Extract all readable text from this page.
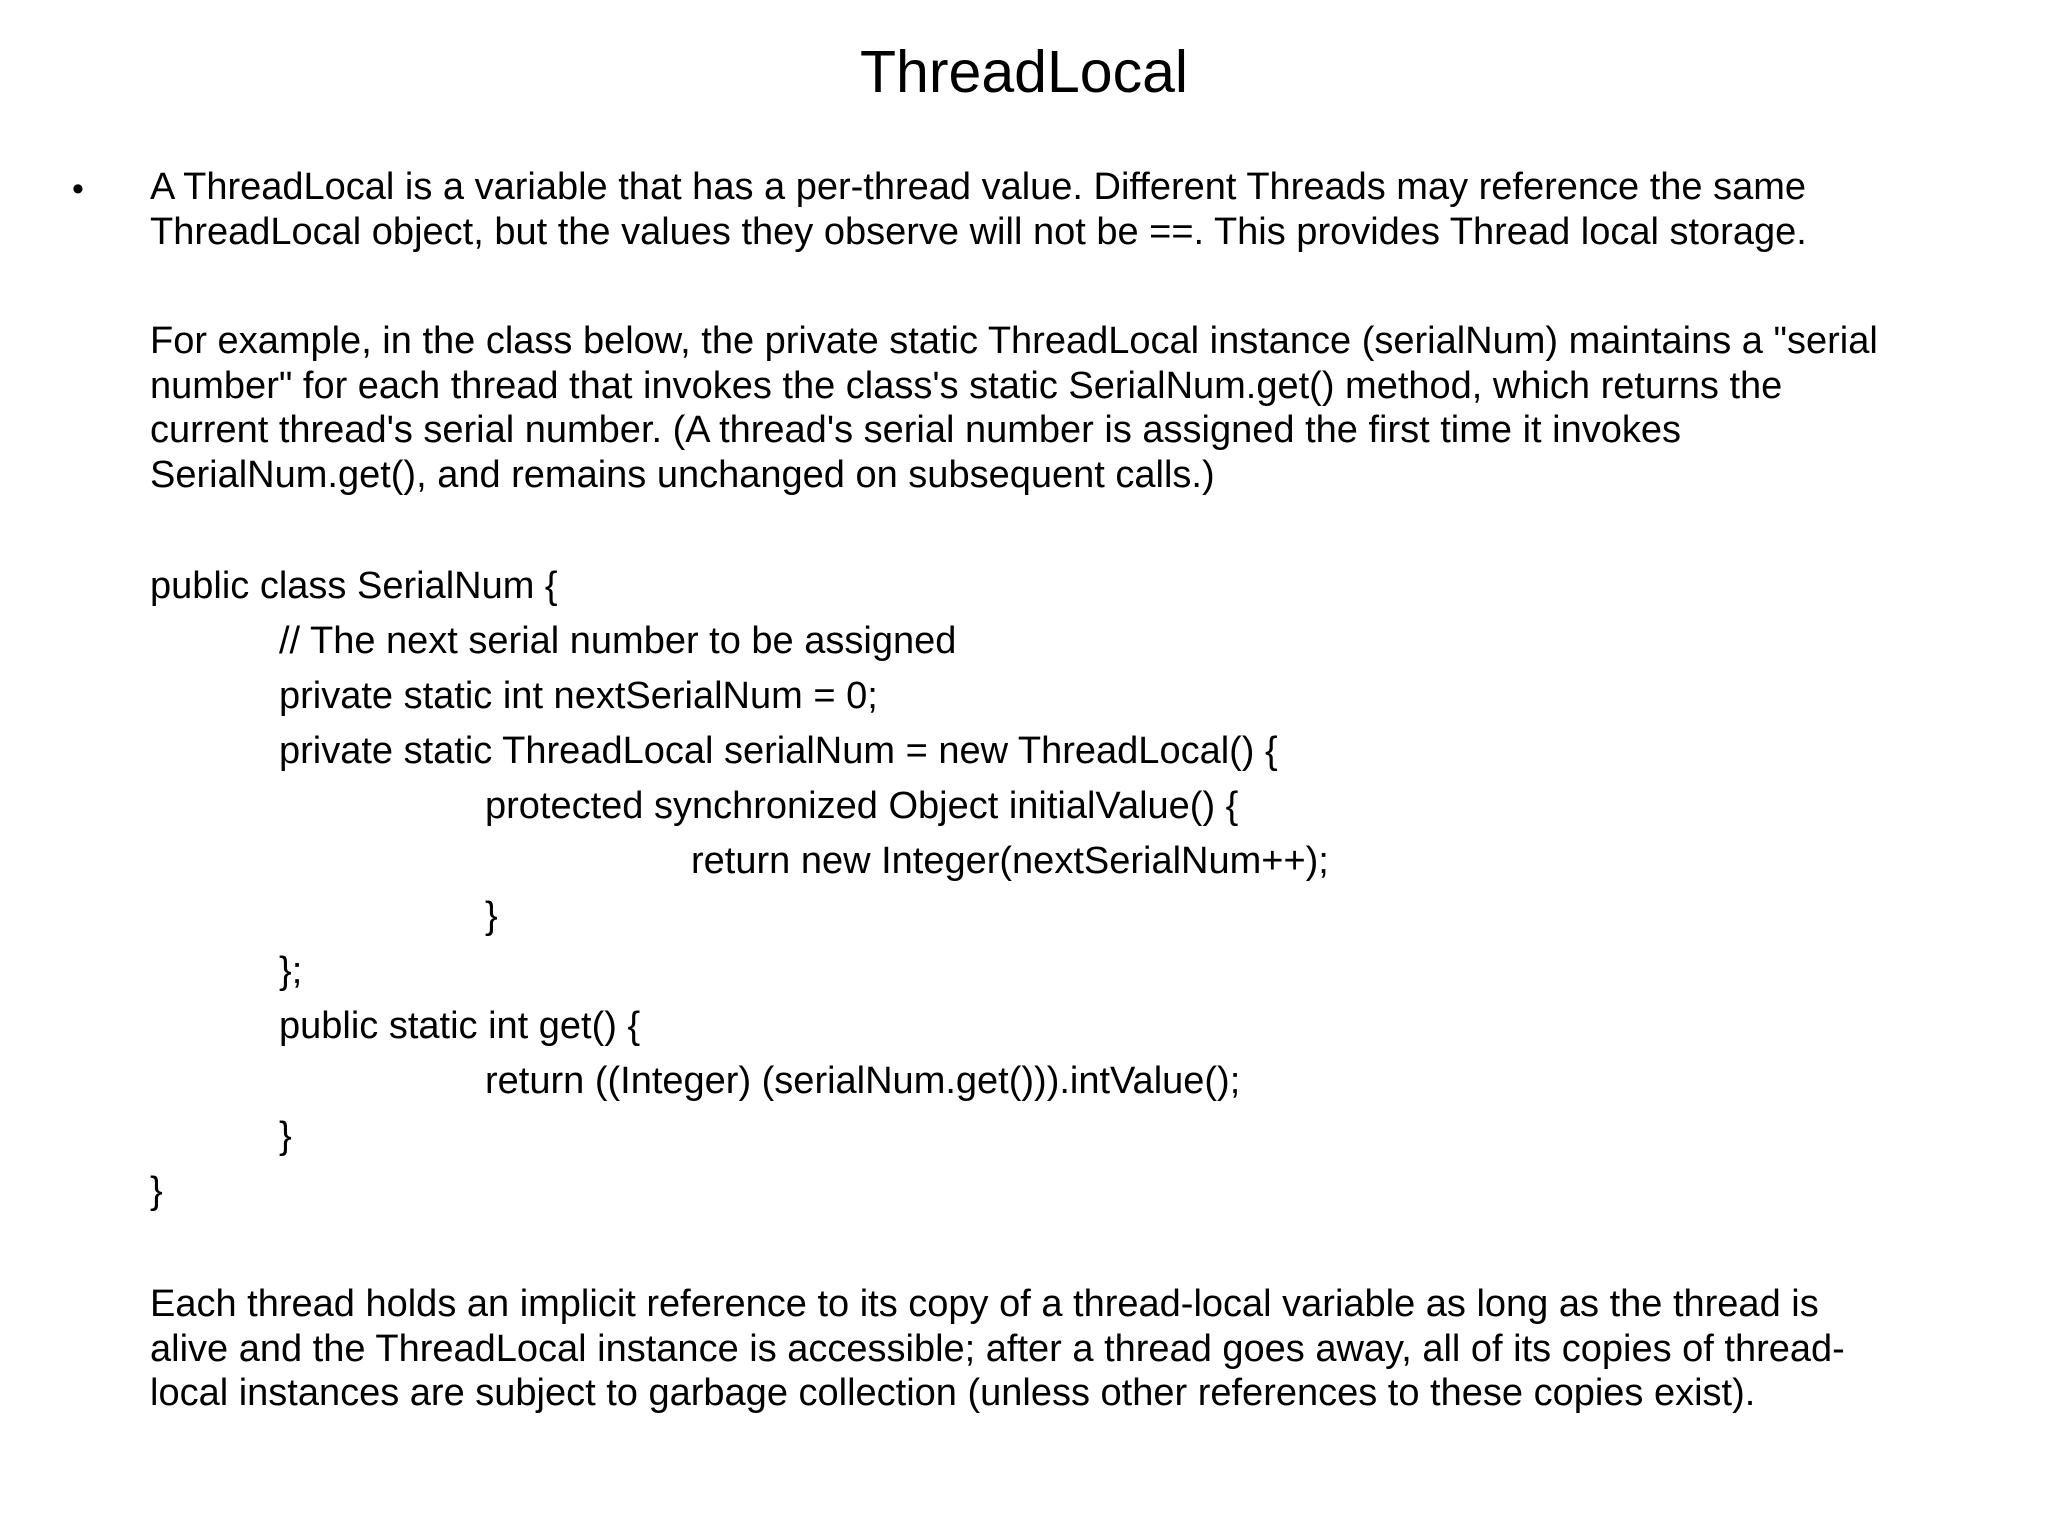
ThreadLocal
• A ThreadLocal is a variable that has a per-thread value. Different Threads may reference the same
ThreadLocal object, but the values they observe will not be ==. This provides Thread local storage.
For example, in the class below, the private static ThreadLocal instance (serialNum) maintains a "serial
number" for each thread that invokes the class's static SerialNum.get() method, which returns the
current thread's serial number. (A thread's serial number is assigned the first time it invokes
SerialNum.get(), and remains unchanged on subsequent calls.)
public class SerialNum {
// The next serial number to be assigned
private static int nextSerialNum = 0;
private static ThreadLocal serialNum = new ThreadLocal() {
protected synchronized Object initialValue() {
return new Integer(nextSerialNum++);
}
};
public static int get() {
return ((Integer) (serialNum.get())).intValue();
}
}
Each thread holds an implicit reference to its copy of a thread-local variable as long as the thread is
alive and the ThreadLocal instance is accessible; after a thread goes away, all of its copies of thread-
local instances are subject to garbage collection (unless other references to these copies exist).
